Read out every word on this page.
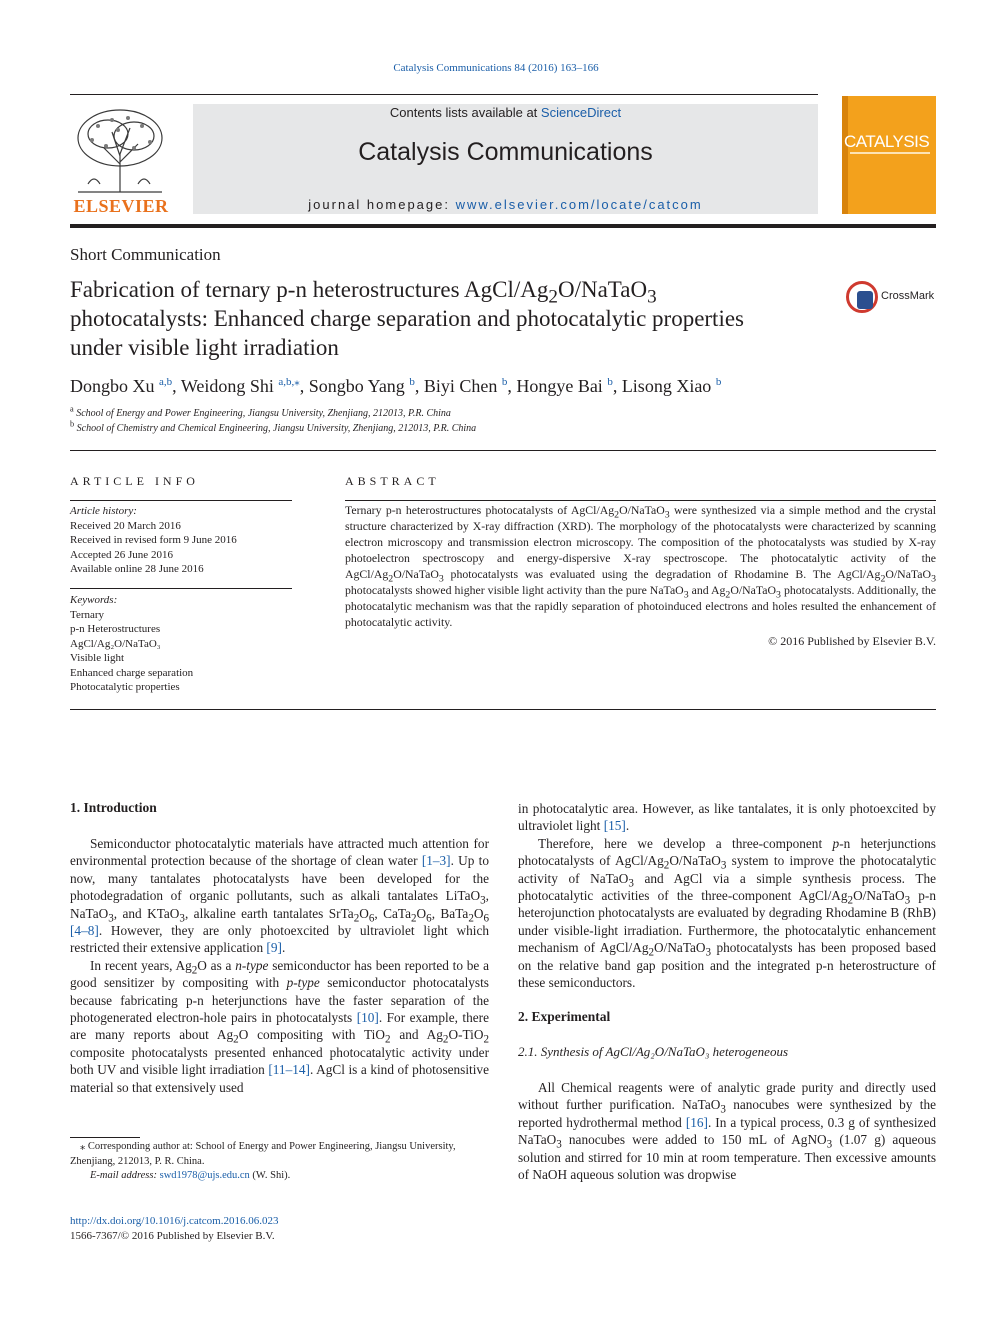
Catalysis Communications 84 (2016) 163–166
ELSEVIER
Contents lists available at ScienceDirect
Catalysis Communications
journal homepage: www.elsevier.com/locate/catcom
CATALYSIS
Short Communication
Fabrication of ternary p-n heterostructures AgCl/$Ag_2O/NaTaO_3$ photocatalysts: Enhanced charge separation and photocatalytic properties under visible light irradiation
CrossMark
Dongbo Xu $^{a,b}$, Weidong Shi $^{a,b,⁎}$, Songbo Yang $^b$, Biyi Chen $^b$, Hongye Bai $^b$, Lisong Xiao $^b$
$^a$ School of Energy and Power Engineering, Jiangsu University, Zhenjiang, 212013, P.R. China
$^b$ School of Chemistry and Chemical Engineering, Jiangsu University, Zhenjiang, 212013, P.R. China
ARTICLE INFO
Article history:
Received 20 March 2016
Received in revised form 9 June 2016
Accepted 26 June 2016
Available online 28 June 2016
Keywords:
Ternary
p-n Heterostructures
AgCl/Ag₂O/NaTaO₃
Visible light
Enhanced charge separation
Photocatalytic properties
ABSTRACT
Ternary p-n heterostructures photocatalysts of AgCl/$Ag_2O/NaTaO_3$ were synthesized via a simple method and the crystal structure characterized by X-ray diffraction (XRD). The morphology of the photocatalysts were characterized by scanning electron microscopy and transmission electron microscopy. The composition of the photocatalysts was studied by X-ray photoelectron spectroscopy and energy-dispersive X-ray spectroscope. The photocatalytic activity of the AgCl/$Ag_2O/NaTaO_3$ photocatalysts was evaluated using the degradation of Rhodamine B. The AgCl/$Ag_2O/NaTaO_3$ photocatalysts showed higher visible light activity than the pure NaTaO$_3$ and $Ag_2O/NaTaO_3$ photocatalysts. Additionally, the photocatalytic mechanism was that the rapidly separation of photoinduced electrons and holes resulted the enhancement of photocatalytic activity.
© 2016 Published by Elsevier B.V.
1. Introduction

Semiconductor photocatalytic materials have attracted much attention for environmental protection because of the shortage of clean water [1–3]. Up to now, many tantalates photocatalysts have been developed for the photodegradation of organic pollutants, such as alkali tantalates LiTaO$_3$, NaTaO$_3$, and KTaO$_3$, alkaline earth tantalates $SrTa_2O_6$, $CaTa_2O_6$, $BaTa_2O_6$ [4–8]. However, they are only photoexcited by ultraviolet light which restricted their extensive application [9].

In recent years, $Ag_2O$ as a n-type semiconductor has been reported to be a good sensitizer by compositing with p-type semiconductor photocatalysts because fabricating p-n heterjunctions have the faster separation of the photogenerated electron-hole pairs in photocatalysts [10]. For example, there are many reports about $Ag_2O$ compositing with TiO$_2$ and $Ag_2O-TiO_2$ composite photocatalysts presented enhanced photocatalytic activity under both UV and visible light irradiation [11–14]. AgCl is a kind of photosensitive material so that extensively used

⁎ Corresponding author at: School of Energy and Power Engineering, Jiangsu University, Zhenjiang, 212013, P. R. China.
E-mail address: swd1978@ujs.edu.cn (W. Shi).
http://dx.doi.org/10.1016/j.catcom.2016.06.023
1566-7367/© 2016 Published by Elsevier B.V.

in photocatalytic area. However, as like tantalates, it is only photoexcited by ultraviolet light [15].

Therefore, here we develop a three-component p-n heterjunctions photocatalysts of AgCl/$Ag_2O/NaTaO_3$ system to improve the photocatalytic activity of NaTaO$_3$ and AgCl via a simple synthesis process. The photocatalytic activities of the three-component AgCl/$Ag_2O/NaTaO_3$ p-n heterojunction photocatalysts are evaluated by degrading Rhodamine B (RhB) under visible-light irradiation. Furthermore, the photocatalytic enhancement mechanism of AgCl/$Ag_2O/NaTaO_3$ photocatalysts has been proposed based on the relative band gap position and the integrated p-n heterostructure of these semiconductors.

2. Experimental
2.1. Synthesis of AgCl/Ag₂O/NaTaO₃ heterogeneous

All Chemical reagents were of analytic grade purity and directly used without further purification. NaTaO$_3$ nanocubes were synthesized by the reported hydrothermal method [16]. In a typical process, 0.3 g of synthesized NaTaO$_3$ nanocubes were added to 150 mL of AgNO$_3$ (1.07 g) aqueous solution and stirred for 10 min at room temperature. Then excessive amounts of NaOH aqueous solution was dropwise
